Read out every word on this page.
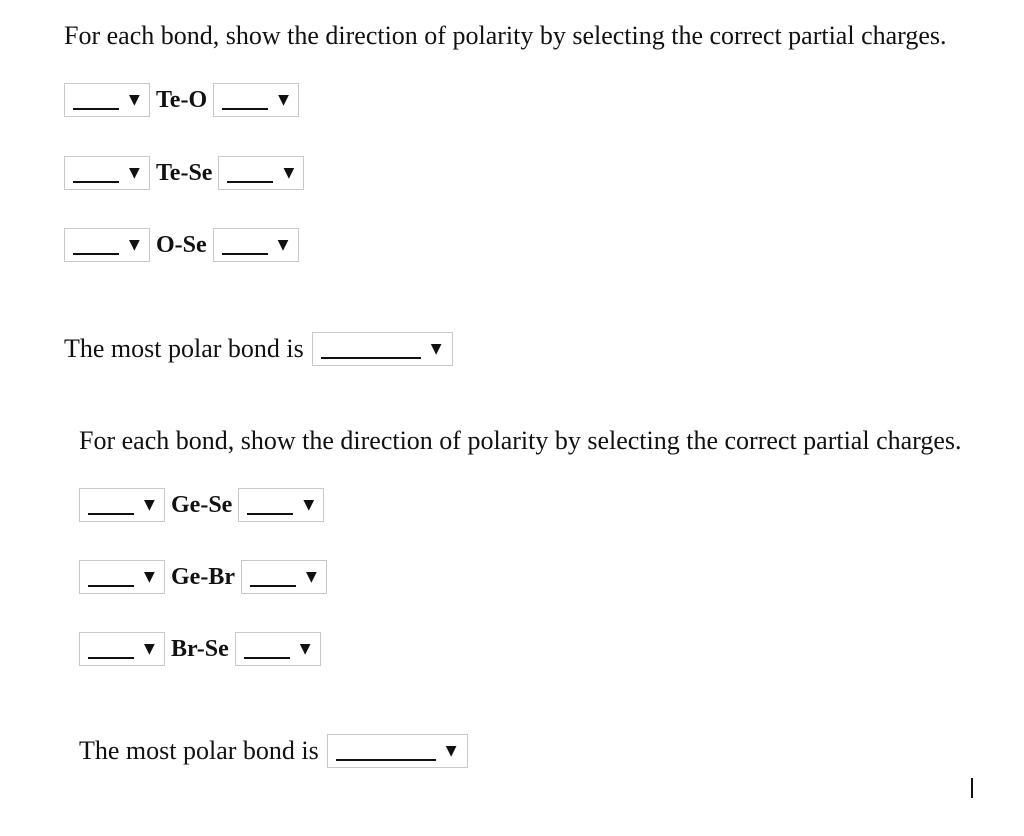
For each bond, show the direction of polarity by selecting the correct partial charges.
▼ Te-O	▼
▼ Te-Se	▼
▼ O-Se	▼
The most polar bond is	▼
For each bond, show the direction of polarity by selecting the correct partial charges.
▼ Ge-Se	▼
▼ Ge-Br	▼
▼ Br-Se	▼
The most polar bond is	▼
